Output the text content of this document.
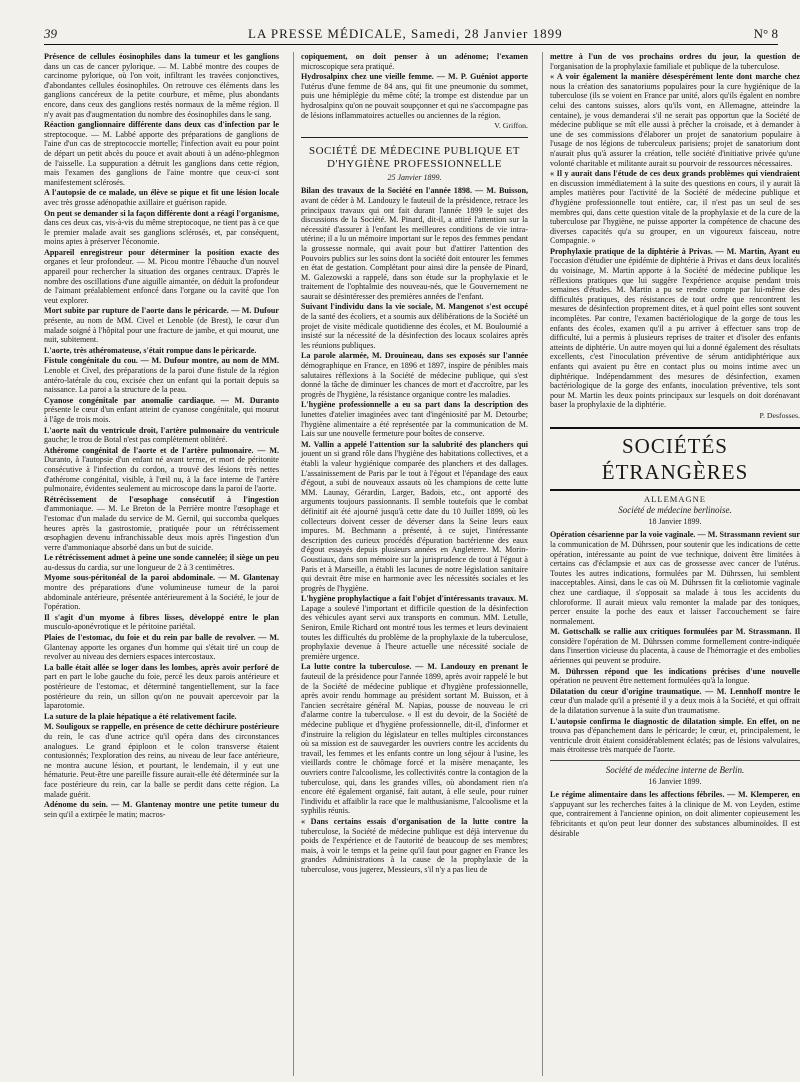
39	LA PRESSE MÉDICALE, Samedi, 28 Janvier 1899	N° 8

Présence de cellules éosinophiles dans la tumeur et les ganglions dans un cas de cancer pylorique. — M. Labbé montre des coupes de carcinome pylorique, où l'on voit, infiltrant les travées conjonctives, d'abondantes cellules éosinophiles. On retrouve ces éléments dans les ganglions cancéreux de la petite courbure, et même, plus abondants encore, dans ceux des ganglions restés normaux de la même région. Il n'y avait pas d'augmentation du nombre des éosinophiles dans le sang.

Réaction ganglionnaire différente dans deux cas d'infection par le streptocoque. — M. Labbé apporte des préparations de ganglions de l'aine d'un cas de streptococcie mortelle; l'infection avait eu pour point de départ un petit abcès du pouce et avait abouti à un adéno-phlegmon de l'aisselle. La suppuration a détruit les ganglions dans cette région, mais l'examen des ganglions de l'aine montre que ceux-ci sont manifestement sclérosés.

A l'autopsie de ce malade, un élève se pique et fit une lésion locale avec très grosse adénopathie axillaire et guérison rapide.

On peut se demander si la façon différente dont a réagi l'organisme, dans ces deux cas, vis-à-vis du même streptocoque, ne tient pas à ce que le premier malade avait ses ganglions sclérosés, et, par conséquent, moins aptes à préserver l'économie.

Appareil enregistreur pour déterminer la position exacte des organes et leur profondeur. — M. Picou montre l'ébauche d'un nouvel appareil pour rechercher la situation des organes centraux. D'après le nombre des oscillations d'une aiguille aimantée, on déduit la profondeur de l'aimant préalablement enfoncé dans l'organe ou la cavité que l'on veut explorer.

Mort subite par rupture de l'aorte dans le péricarde. — M. Dufour présente, au nom de MM. Civel et Lenoble (de Brest), le cœur d'un malade soigné à l'hôpital pour une fracture de jambe, et qui mourut, une nuit, subitement.

L'aorte, très athéromateuse, s'était rompue dans le péricarde.

Fistule congénitale du cou. — M. Dufour montre, au nom de MM. Lenoble et Civel, des préparations de la paroi d'une fistule de la région antéro-latérale du cou, excisée chez un enfant qui la portait depuis sa naissance. La paroi a la structure de la peau.

Cyanose congénitale par anomalie cardiaque. — M. Duranto présente le cœur d'un enfant atteint de cyanose congénitale, qui mourut à l'âge de trois mois.

L'aorte naît du ventricule droit, l'artère pulmonaire du ventricule gauche; le trou de Botal n'est pas complètement oblitéré.

Athérome congénital de l'aorte et de l'artère pulmonaire. — M. Duranto, à l'autopsie d'un enfant né avant terme, et mort de péritonite consécutive à l'infection du cordon, a trouvé des lésions très nettes d'athérome congénital, visible, à l'œil nu, à la face interne de l'artère pulmonaire, évidentes seulement au microscope dans la paroi de l'aorte.

Rétrécissement de l'œsophage consécutif à l'ingestion d'ammoniaque. — M. Le Breton de la Perrière montre l'œsophage et l'estomac d'un malade du service de M. Gernil, qui succomba quelques heures après la gastrostomie, pratiquée pour un rétrécissement œsophagien devenu infranchissable deux mois après l'ingestion d'un verre d'ammoniaque absorbé dans un but de suicide.

Le rétrécissement admet à peine une sonde cannelée; il siège un peu au-dessus du cardia, sur une longueur de 2 à 3 centimètres.

Myome sous-péritonéal de la paroi abdominale. — M. Glantenay montre des préparations d'une volumineuse tumeur de la paroi abdominale antérieure, présentée antérieurement à la Société, le jour de l'opération.

Il s'agit d'un myome à fibres lisses, développé entre le plan musculo-aponévrotique et le péritoine pariétal.

Plaies de l'estomac, du foie et du rein par balle de revolver. — M. Glantenay apporte les organes d'un homme qui s'était tiré un coup de revolver au niveau des derniers espaces intercostaux.

La balle était allée se loger dans les lombes, après avoir perforé de part en part le lobe gauche du foie, percé les deux parois antérieure et postérieure de l'estomac, et déterminé tangentiellement, sur la face postérieure du rein, un sillon qu'on ne pouvait apercevoir par la laparotomie.

La suture de la plaie hépatique a été relativement facile.

M. Souligoux se rappelle, en présence de cette déchirure postérieure du rein, le cas d'une actrice qu'il opéra dans des circonstances analogues. Le grand épiploon et le colon transverse étaient contusionnés; l'exploration des reins, au niveau de leur face antérieure, ne montra aucune lésion, et pourtant, le lendemain, il y eut une hématurie. Peut-être une pareille fissure aurait-elle été déterminée sur la face postérieure du rein, car la balle se perdit dans cette région. La malade guérit.

Adénome du sein. — M. Glantenay montre une petite tumeur du sein qu'il a extirpée le matin; macros-

copiquement, on doit penser à un adénome; l'examen microscopique sera pratiqué.

Hydrosalpinx chez une vieille femme. — M. P. Guéniot apporte l'utérus d'une femme de 84 ans, qui fit une pneumonie du sommet, puis une hémiplégie du même côté; la trompe est distendue par un hydrosalpinx qu'on ne pouvait soupçonner et qui ne s'accompagne pas de lésions inflammatoires actuelles ou anciennes de la région.

V. Griffon.
SOCIÉTÉ DE MÉDECINE PUBLIQUE ET D'HYGIÈNE PROFESSIONNELLE
25 Janvier 1899.

Bilan des travaux de la Société en l'année 1898. — M. Buisson, avant de céder à M. Landouzy le fauteuil de la présidence, retrace les principaux travaux qui ont fait durant l'année 1899 le sujet des discussions de la Société. M. Pinard, dit-il, a attiré l'attention sur la nécessité d'assurer à l'enfant les meilleures conditions de vie intra-utérine; il a lu un mémoire important sur le repos des femmes pendant la grossesse normale, qui avait pour but d'attirer l'attention des Pouvoirs publics sur les soins dont la société doit entourer les femmes en état de gestation. Complétant pour ainsi dire la pensée de Pinard, M. Galezowski a rappelé, dans son étude sur la prophylaxie et le traitement de l'ophtalmie des nouveau-nés, que le Gouvernement ne saurait se désintéresser des premières années de l'enfant.

Suivant l'individu dans la vie sociale, M. Mangenot s'est occupé de la santé des écoliers, et a soumis aux délibérations de la Société un projet de visite médicale quotidienne des écoles, et M. Bouloumié a insisté sur la nécessité de la désinfection des locaux scolaires après les réunions publiques.

La parole alarmée, M. Drouineau, dans ses exposés sur l'année démographique en France, en 1896 et 1897, inspire de pénibles mais salutaires réflexions à la Société de médecine publique, qui s'est donné la tâche de diminuer les chances de mort et d'accroître, par les progrès de l'hygiène, la résistance organique contre les maladies.

L'hygiène professionnelle a eu sa part dans la description des lunettes d'atelier imaginées avec tant d'ingéniosité par M. Detourbe; l'hygiène alimentaire a été représentée par la communication de M. Lais sur une nouvelle fermeture pour boîtes de conserve.

M. Vallin a appelé l'attention sur la salubrité des planchers qui jouent un si grand rôle dans l'hygiène des habitations collectives, et a établi la valeur hygiénique comparée des planchers et des dallages. L'assainissement de Paris par le tout à l'égout et l'épandage des eaux d'égout, a subi de nouveaux assauts où les champions de cette lutte MM. Launay, Gérardin, Larger, Badois, etc., ont apporté des arguments toujours passionnants. Il semble toutefois que le combat définitif ait été ajourné jusqu'à cette date du 10 Juillet 1899, où les collecteurs doivent cesser de déverser dans la Seine leurs eaux impures. M. Bechmann a présenté, à ce sujet, l'intéressante description des curieux procédés d'épuration bactérienne des eaux d'égout essayés depuis plusieurs années en Angleterre. M. Morin-Goustiaux, dans son mémoire sur la jurisprudence de tout à l'égout à Paris et à Marseille, a établi les lacunes de notre législation sanitaire qui devrait être mise en harmonie avec les nécessités sociales et les progrès de l'hygiène.

L'hygiène prophylactique a fait l'objet d'intéressants travaux. M. Lapage a soulevé l'important et difficile question de la désinfection des véhicules ayant servi aux transports en commun. MM. Letulle, Seniron, Emile Richard ont montré tous les termes et leurs devinaient toutes les difficultés du problème de la prophylaxie de la tuberculose, prophylaxie devenue à l'heure actuelle une nécessité sociale de première urgence.

La lutte contre la tuberculose. — M. Landouzy en prenant le fauteuil de la présidence pour l'année 1899, après avoir rappelé le but de la Société de médecine publique et d'hygiène professionnelle, après avoir rendu hommage au président sortant M. Buisson, et à l'ancien secrétaire général M. Napias, pousse de nouveau le cri d'alarme contre la tuberculose. « Il est du devoir, de la Société de médecine publique et d'hygiène professionnelle, dit-il, d'informer et d'instruire la religion du législateur en telles multiples circonstances où sa mission est de sauvegarder les ouvriers contre les accidents du travail, les femmes et les enfants contre un long séjour à l'usine, les vieillards contre le chômage forcé et la misère menaçante, les ouvriers contre l'alcoolisme, les collectivités contre la contagion de la tuberculose, qui, dans les grandes villes, où abondament rien n'a encore été également organisé, fait autant, à elle seule, pour ruiner l'individu et affaiblir la race que le malthusianisme, l'alcoolisme et la syphilis réunis.

« Dans certains essais d'organisation de la lutte contre la tuberculose, la Société de médecine publique est déjà intervenue du poids de l'expérience et de l'autorité de beaucoup de ses membres; mais, à voir le temps et la peine qu'il faut pour gagner en France les grandes Administrations à la cause de la prophylaxie de la tuberculose, vous jugerez, Messieurs, s'il n'y a pas lieu de

mettre à l'un de vos prochains ordres du jour, la question de l'organisation de la prophylaxie familiale et publique de la tuberculose.

« A voir également la manière désespérément lente dont marche chez nous la création des sanatoriums populaires pour la cure hygiénique de la tuberculose (ils se voient en France par unité, alors qu'ils égalent en nombre celui des cantons suisses, alors qu'ils vont, en Allemagne, atteindre la centaine), je vous demanderai s'il ne serait pas opportun que la Société de médecine publique se mît elle aussi à prêcher la croisade, et à demander à une de ses commissions d'élaborer un projet de sanatorium populaire à l'usage de nos légions de tuberculeux parisiens; projet de sanatorium dont n'aurait plus qu'à assurer la création, telle société d'initiative privée qu'une volonté charitable et militante aurait su pourvoir de ressources nécessaires.

« Il y aurait dans l'étude de ces deux grands problèmes qui viendraient en discussion immédiatement à la suite des questions en cours, il y aurait là amples matières pour l'activité de la Société de médecine publique et d'hygiène professionnelle tout entière, car, il n'est pas un seul de ses membres qui, dans cette question vitale de la prophylaxie et de la cure de la tuberculose par l'hygiène, ne puisse apporter la compétence de chacune des diverses capacités qu'a su grouper, en un vigoureux faisceau, notre Compagnie. »

Prophylaxie pratique de la diphtérie à Privas. — M. Martin, Ayant eu l'occasion d'étudier une épidémie de diphtérie à Privas et dans deux localités du voisinage, M. Martin apporte à la Société de médecine publique les réflexions pratiques que lui suggère l'expérience acquise pendant trois semaines d'études. M. Martin a pu se rendre compte par lui-même des difficultés pratiques, des résistances de tout ordre que rencontrent les mesures de désinfection proprement dites, et à quel point elles sont souvent incomplètes. Par contre, l'examen bactériologique de la gorge de tous les enfants des écoles, examen qu'il a pu arriver à effectuer sans trop de difficulté, lui a permis à plusieurs reprises de traiter et d'isoler des enfants atteints de diphtérie. Un autre moyen qui lui a donné également des résultats excellents, c'est l'inoculation préventive de sérum antidiphtérique aux enfants qui avaient pu être en contact plus ou moins intime avec un diphtérique. Indépendamment des mesures de désinfection, examen bactériologique de la gorge des enfants, inoculation préventive, tels sont pour M. Martin les deux points principaux sur lesquels on doit dorénavant baser la prophylaxie de la diphtérie.

P. Desfosses.
SOCIÉTÉS ÉTRANGÈRES
ALLEMAGNE
Société de médecine berlinoise.
18 Janvier 1899.

Opération césarienne par la voie vaginale. — M. Strassmann revient sur la communication de M. Dührssen, pour soutenir que les indications de cette opération, intéressante au point de vue technique, doivent être limitées à certains cas d'éclampsie et aux cas de grossesse avec cancer de l'utérus. Toutes les autres indications, formulées par M. Dührssen, lui semblent inacceptables. Ainsi, dans le cas où M. Dührssen fit la cœliotomie vaginale chez une cardiaque, il s'opposait sa malade à tous les accidents du chloroforme. Il aurait mieux valu remonter la malade par des toniques, percer ensuite la poche des eaux et laisser l'accouchement se faire normalement.

M. Gottschalk se rallie aux critiques formulées par M. Strassmann. Il considère l'opération de M. Dührssen comme formellement contre-indiquée dans l'insertion vicieuse du placenta, à cause de l'hémorragie et des embolies aériennes qui peuvent se produire.

M. Dührssen répond que les indications précises d'une nouvelle opération ne peuvent être nettement formulées qu'à la longue.

Dilatation du cœur d'origine traumatique. — M. Lennhoff montre le cœur d'un malade qu'il a présenté il y a deux mois à la Société, et qui offrait de la dilatation survenue à la suite d'un traumatisme.

L'autopsie confirma le diagnostic de dilatation simple. En effet, on ne trouva pas d'épanchement dans le péricarde; le cœur, et, principalement, le ventricule droit étaient considérablement éclatés; pas de lésions valvulaires, mais étroitesse très marquée de l'aorte.

Société de médecine interne de Berlin.
16 Janvier 1899.

Le régime alimentaire dans les affections fébriles. — M. Klemperer, en s'appuyant sur les recherches faites à la clinique de M. von Leyden, estime que, contrairement à l'ancienne opinion, on doit alimenter copieusement les fébricitants et qu'on peut leur donner des substances albuminoïdes. Il est désirable
